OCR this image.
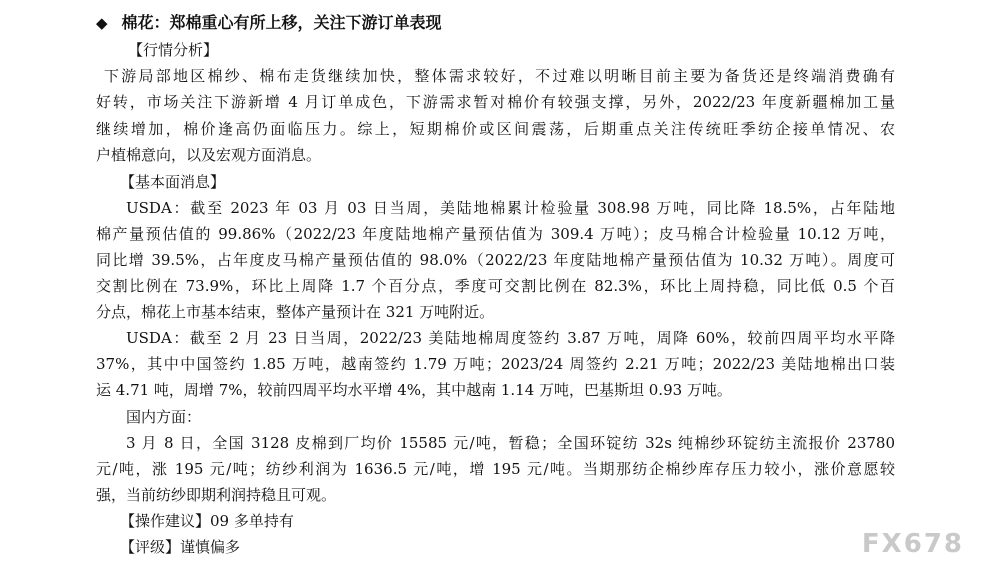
◆ 棉花：郑棉重心有所上移，关注下游订单表现
【行情分析】
下游局部地区棉纱、棉布走货继续加快，整体需求较好，不过难以明晰目前主要为备货还是终端消费确有
好转，市场关注下游新增 4 月订单成色，下游需求暂对棉价有较强支撑，另外，2022/23 年度新疆棉加工量
继续增加，棉价逢高仍面临压力。综上，短期棉价或区间震荡，后期重点关注传统旺季纺企接单情况、农
户植棉意向，以及宏观方面消息。
【基本面消息】
USDA：截至 2023 年 03 月 03 日当周，美陆地棉累计检验量 308.98 万吨，同比降 18.5%，占年陆地
棉产量预估值的 99.86%（2022/23 年度陆地棉产量预估值为 309.4 万吨）；皮马棉合计检验量 10.12 万吨，
同比增 39.5%，占年度皮马棉产量预估值的 98.0%（2022/23 年度陆地棉产量预估值为 10.32 万吨）。周度可
交割比例在 73.9%，环比上周降 1.7 个百分点，季度可交割比例在 82.3%，环比上周持稳，同比低 0.5 个百
分点，棉花上市基本结束，整体产量预计在 321 万吨附近。
USDA：截至 2 月 23 日当周，2022/23 美陆地棉周度签约 3.87 万吨，周降 60%，较前四周平均水平降
37%，其中中国签约 1.85 万吨，越南签约 1.79 万吨；2023/24 周签约 2.21 万吨；2022/23 美陆地棉出口装
运 4.71 吨，周增 7%，较前四周平均水平增 4%，其中越南 1.14 万吨，巴基斯坦 0.93 万吨。
国内方面：
3 月 8 日，全国 3128 皮棉到厂均价 15585 元/吨，暂稳；全国环锭纺 32s 纯棉纱环锭纺主流报价 23780
元/吨，涨 195 元/吨；纺纱利润为 1636.5 元/吨，增 195 元/吨。当期那纺企棉纱库存压力较小，涨价意愿较
强，当前纺纱即期利润持稳且可观。
【操作建议】09 多单持有
【评级】谨慎偏多	FX678
